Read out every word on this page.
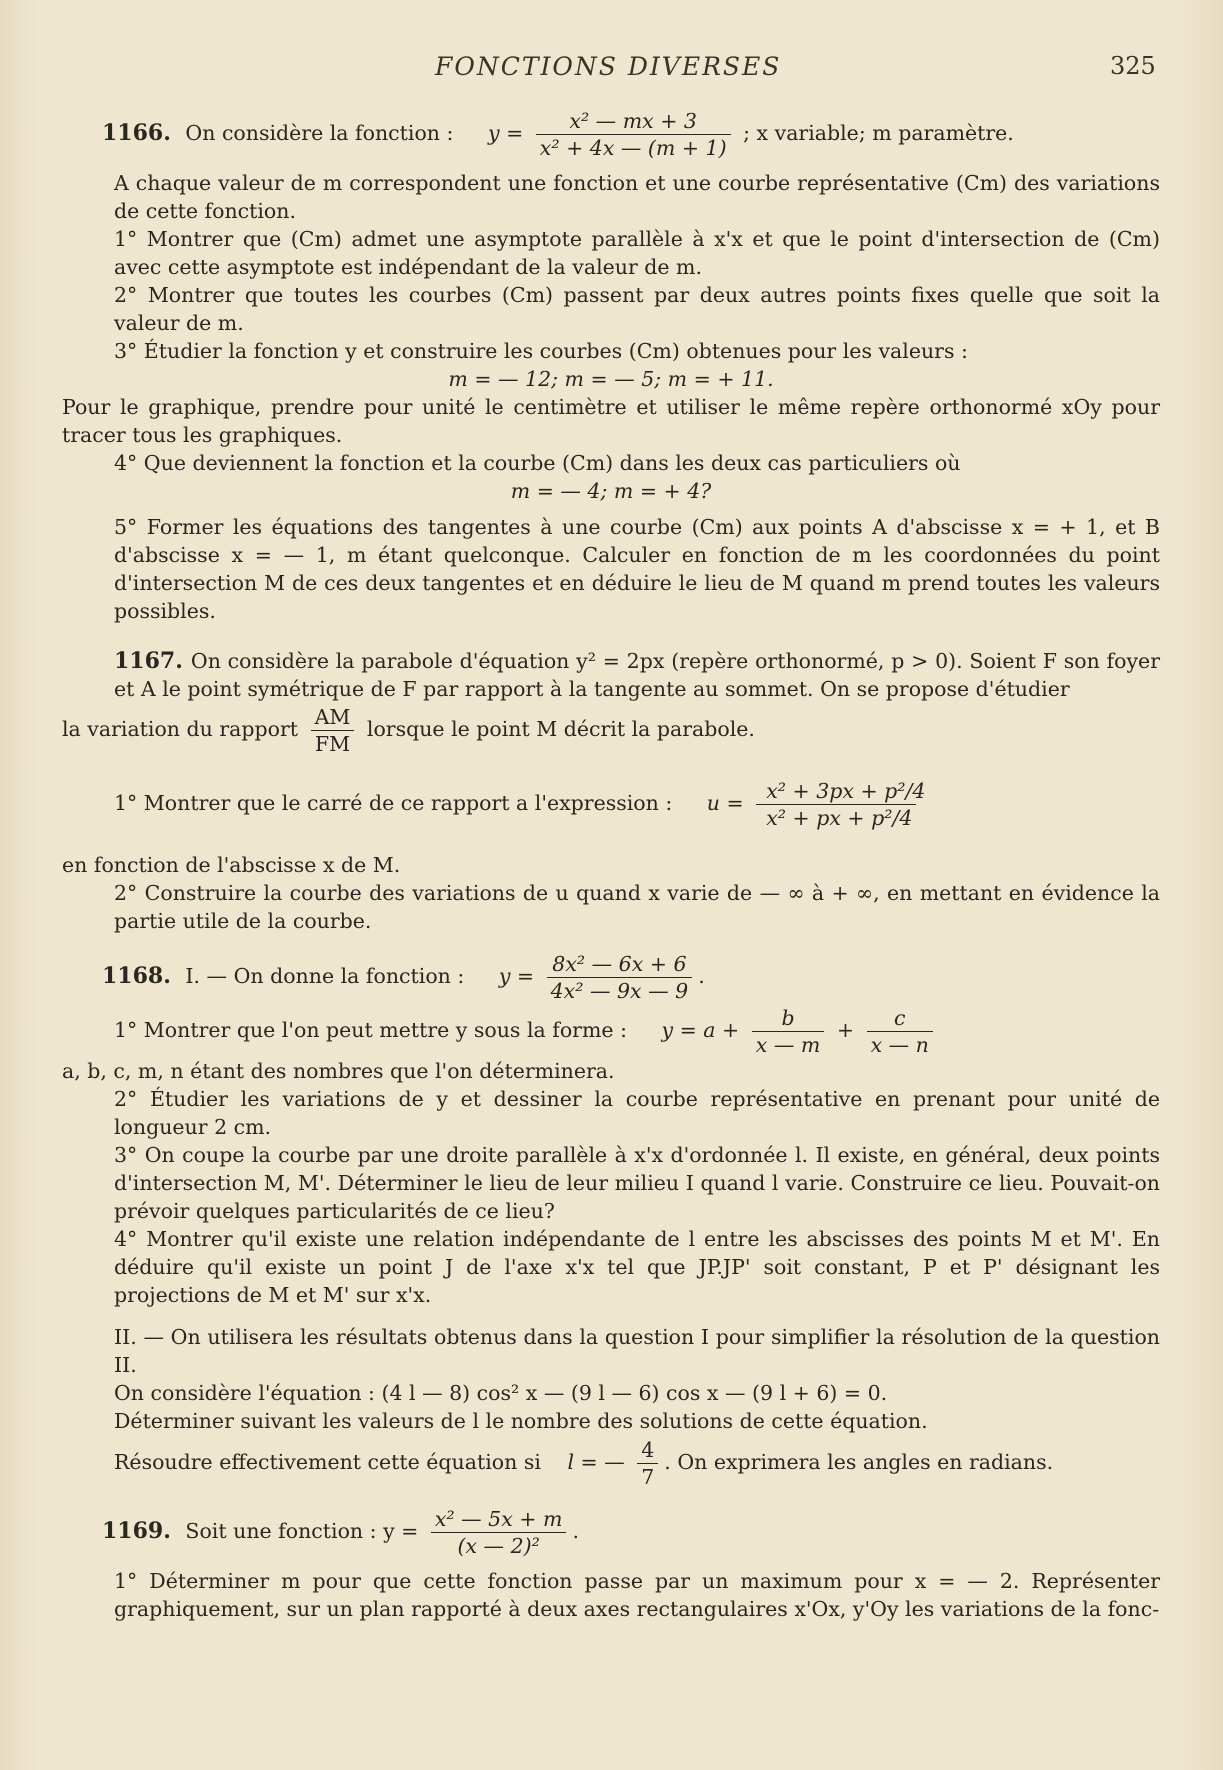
FONCTIONS DIVERSES	325
1166. On considère la fonction : $y = \frac{\text{x² — mx + 3}}{\text{x² + 4x — (m + 1)}}$ ; x variable; m paramètre.

A chaque valeur de m correspondent une fonction et une courbe représentative (Cm) des variations de cette fonction.

1° Montrer que (Cm) admet une asymptote parallèle à x'x et que le point d'intersection de (Cm) avec cette asymptote est indépendant de la valeur de m.

2° Montrer que toutes les courbes (Cm) passent par deux autres points fixes quelle que soit la valeur de m.

3° Étudier la fonction y et construire les courbes (Cm) obtenues pour les valeurs :

m = — 12; m = — 5; m = + 11.

Pour le graphique, prendre pour unité le centimètre et utiliser le même repère orthonormé xOy pour tracer tous les graphiques.

4° Que deviennent la fonction et la courbe (Cm) dans les deux cas particuliers où

m = — 4; m = + 4?

5° Former les équations des tangentes à une courbe (Cm) aux points A d'abscisse x = + 1, et B d'abscisse x = — 1, m étant quelconque. Calculer en fonction de m les coordonnées du point d'intersection M de ces deux tangentes et en déduire le lieu de M quand m prend toutes les valeurs possibles.

1167. On considère la parabole d'équation y² = 2px (repère orthonormé, p > 0). Soient F son foyer et A le point symétrique de F par rapport à la tangente au sommet. On se propose d'étudier

la variation du rapport $\frac{AM}{FM}$ lorsque le point M décrit la parabole.
1° Montrer que le carré de ce rapport a l'expression : $u = \frac{\text{x² + 3px + p²/4}}{\text{x² + px + p²/4}}$

en fonction de l'abscisse x de M.

2° Construire la courbe des variations de u quand x varie de — ∞ à + ∞, en mettant en évidence la partie utile de la courbe.

1168. I. — On donne la fonction : $y = \frac{\text{8x² — 6x + 6}}{\text{4x² — 9x — 9}}$ .
1° Montrer que l'on peut mettre y sous la forme : $y = a + \frac{b}{x — m} + \frac{c}{x — n}$

a, b, c, m, n étant des nombres que l'on déterminera.

2° Étudier les variations de y et dessiner la courbe représentative en prenant pour unité de longueur 2 cm.

3° On coupe la courbe par une droite parallèle à x'x d'ordonnée l. Il existe, en général, deux points d'intersection M, M'. Déterminer le lieu de leur milieu I quand l varie. Construire ce lieu. Pouvait-on prévoir quelques particularités de ce lieu?

4° Montrer qu'il existe une relation indépendante de l entre les abscisses des points M et M'. En déduire qu'il existe un point J de l'axe x'x tel que JP.JP' soit constant, P et P' désignant les projections de M et M' sur x'x.

II. — On utilisera les résultats obtenus dans la question I pour simplifier la résolution de la question II.

On considère l'équation : (4 l — 8) cos² x — (9 l — 6) cos x — (9 l + 6) = 0.

Déterminer suivant les valeurs de l le nombre des solutions de cette équation.

Résoudre effectivement cette équation si l = — $\frac{4}{7}$ . On exprimera les angles en radians.
1169. Soit une fonction : $y = \frac{\text{x² — 5x + m}}{\text{(x — 2)²}}$ .

1° Déterminer m pour que cette fonction passe par un maximum pour x = — 2. Représenter graphiquement, sur un plan rapporté à deux axes rectangulaires x'Ox, y'Oy les variations de la fonc-
